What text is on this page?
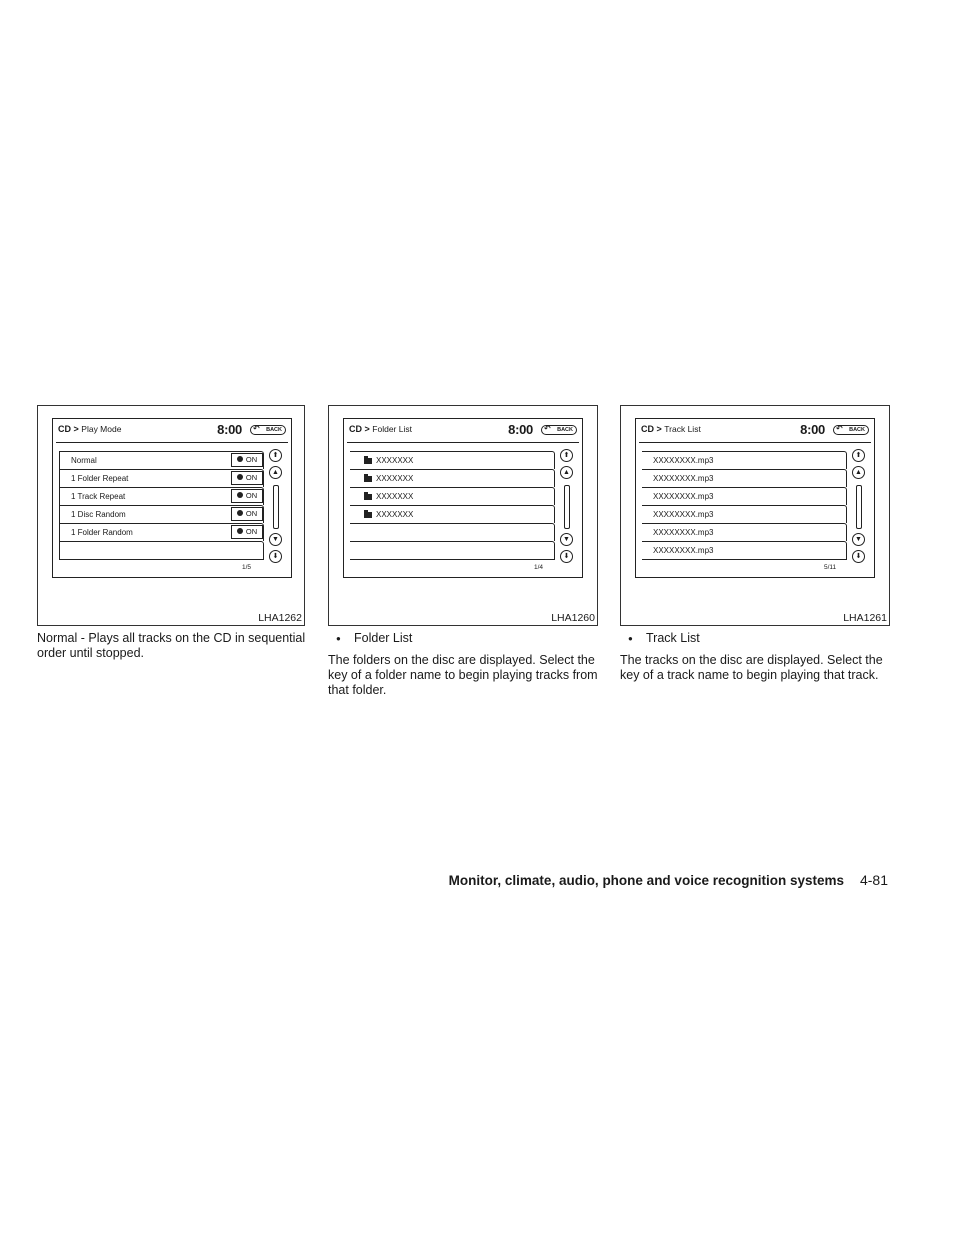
CD > Play Mode	8:00 ↶ BACK
Normal	ON
1 Folder Repeat	ON
1 Track Repeat	ON
1 Disc Random	ON
1 Folder Random	ON
⬆
▲
▼
⬇
1/5
LHA1262
CD > Folder List	8:00 ↶ BACK
XXXXXXX
XXXXXXX
XXXXXXX
XXXXXXX
⬆
▲
▼
⬇
1/4
LHA1260
CD > Track List	8:00 ↶ BACK
XXXXXXXX.mp3
XXXXXXXX.mp3
XXXXXXXX.mp3
XXXXXXXX.mp3
XXXXXXXX.mp3
XXXXXXXX.mp3
⬆
▲
▼
⬇
5/11
LHA1261

Normal - Plays all tracks on the CD in sequential order until stopped.

● Folder List

The folders on the disc are displayed. Select the key of a folder name to begin playing tracks from that folder.

● Track List

The tracks on the disc are displayed. Select the key of a track name to begin playing that track.

Monitor, climate, audio, phone and voice recognition systems 4-81
